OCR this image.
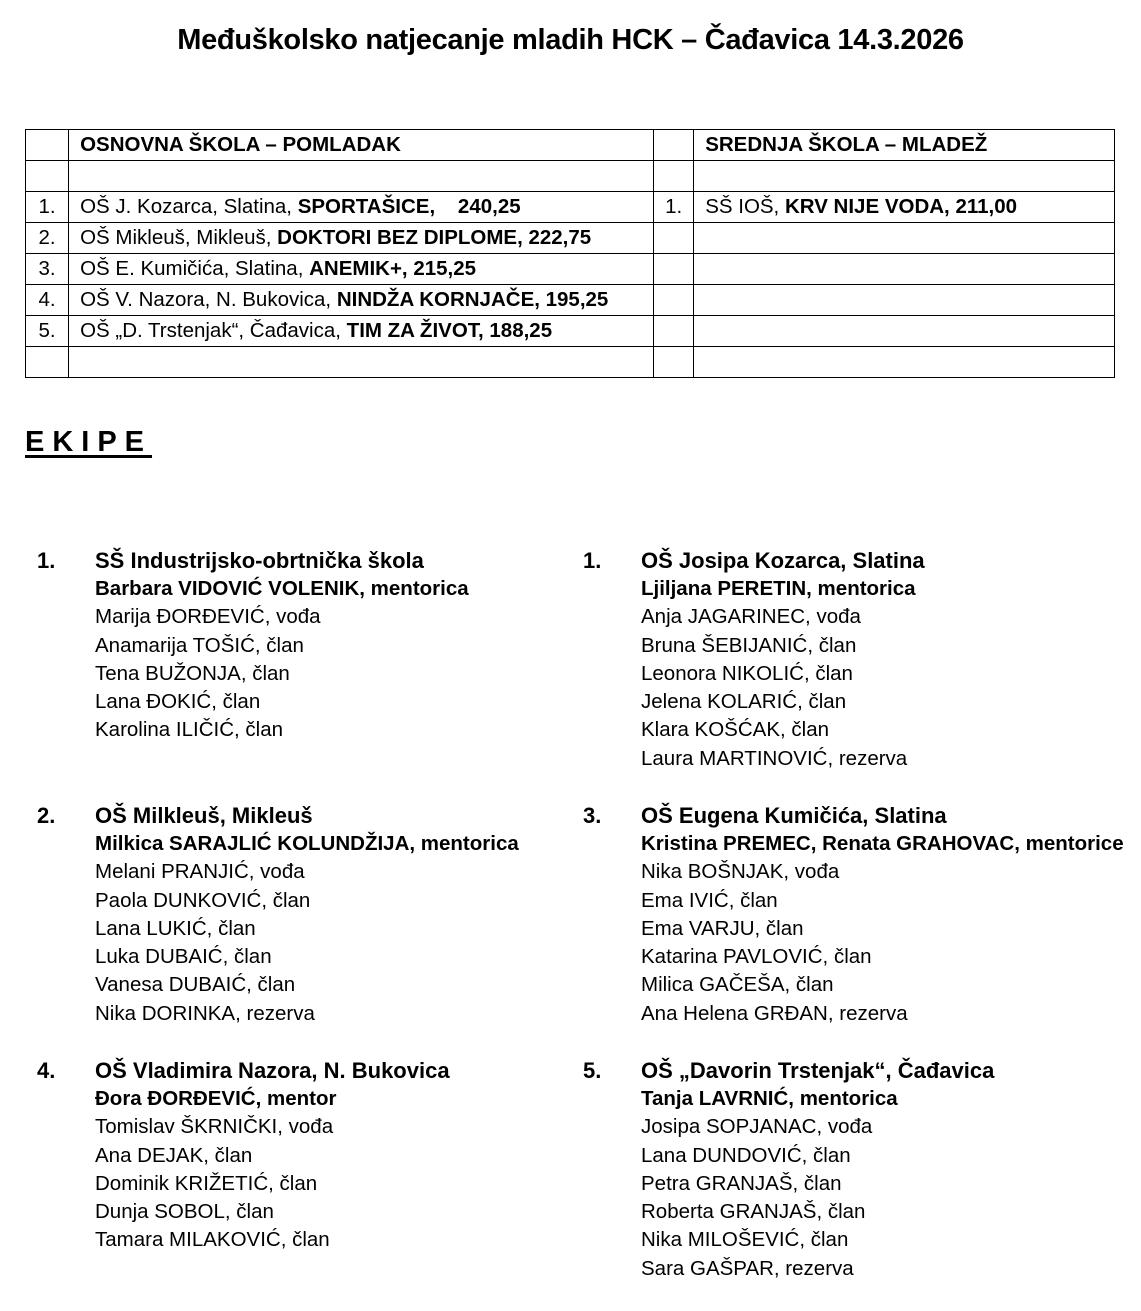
Međuškolsko natjecanje mladih HCK – Čađavica 14.3.2026
	OSNOVNA ŠKOLA – POMLADAK		SREDNJA ŠKOLA – MLADEŽ

1.	OŠ J. Kozarca, Slatina, SPORTAŠICE,    240,25	1.	SŠ IOŠ, KRV NIJE VODA, 211,00
2.	OŠ Mikleuš, Mikleuš, DOKTORI BEZ DIPLOME, 222,75		
3.	OŠ E. Kumičića, Slatina, ANEMIK+, 215,25		
4.	OŠ V. Nazora, N. Bukovica, NINDŽA KORNJAČE, 195,25		
5.	OŠ „D. Trstenjak“, Čađavica, TIM ZA ŽIVOT, 188,25		

EKIPE
1. SŠ Industrijsko-obrtnička škola
Barbara VIDOVIĆ VOLENIK, mentorica
Marija ĐORĐEVIĆ, vođa
Anamarija TOŠIĆ, član
Tena BUŽONJA, član
Lana ĐOKIĆ, član
Karolina ILIČIĆ, član
1. OŠ Josipa Kozarca, Slatina
Ljiljana PERETIN, mentorica
Anja JAGARINEC, vođa
Bruna ŠEBIJANIĆ, član
Leonora NIKOLIĆ, član
Jelena KOLARIĆ, član
Klara KOŠĆAK, član
Laura MARTINOVIĆ, rezerva
2. OŠ Milkleuš, Mikleuš
Milkica SARAJLIĆ KOLUNDŽIJA, mentorica
Melani PRANJIĆ, vođa
Paola DUNKOVIĆ, član
Lana LUKIĆ, član
Luka DUBAIĆ, član
Vanesa DUBAIĆ, član
Nika DORINKA, rezerva
3. OŠ Eugena Kumičića, Slatina
Kristina PREMEC, Renata GRAHOVAC, mentorice
Nika BOŠNJAK, vođa
Ema IVIĆ, član
Ema VARJU, član
Katarina PAVLOVIĆ, član
Milica GAČEŠA, član
Ana Helena GRĐAN, rezerva
4. OŠ Vladimira Nazora, N. Bukovica
Đora ĐORĐEVIĆ, mentor
Tomislav ŠKRNIČKI, vođa
Ana DEJAK, član
Dominik KRIŽETIĆ, član
Dunja SOBOL, član
Tamara MILAKOVIĆ, član
5. OŠ „Davorin Trstenjak“, Čađavica
Tanja LAVRNIĆ, mentorica
Josipa SOPJANAC, vođa
Lana DUNDOVIĆ, član
Petra GRANJAŠ, član
Roberta GRANJAŠ, član
Nika MILOŠEVIĆ, član
Sara GAŠPAR, rezerva
